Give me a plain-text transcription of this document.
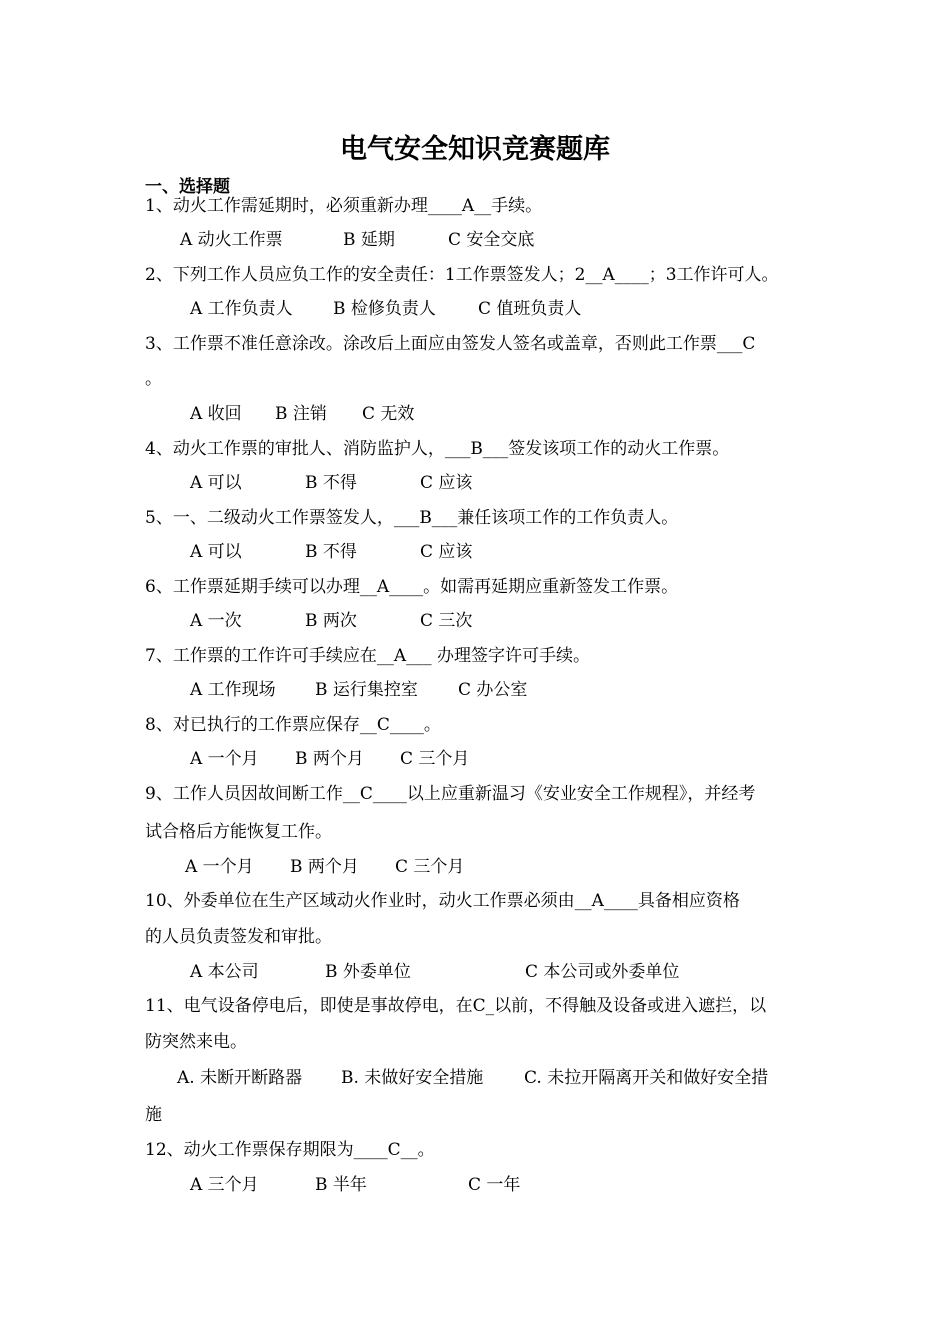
电气安全知识竞赛题库
一、选择题
1、动火工作需延期时，必须重新办理____A__手续。
A 动火工作票	B 延期	C 安全交底
2、下列工作人员应负工作的安全责任：1工作票签发人；2__A____；3工作许可人。
A 工作负责人 B 检修负责人 C 值班负责人
3、工作票不准任意涂改。涂改后上面应由签发人签名或盖章，否则此工作票___C
。
A 收回 B 注销 C 无效
4、动火工作票的审批人、消防监护人，___B___签发该项工作的动火工作票。
A 可以	B 不得	C 应该
5、一、二级动火工作票签发人，___B___兼任该项工作的工作负责人。
A 可以	B 不得	C 应该
6、工作票延期手续可以办理__A____。如需再延期应重新签发工作票。
A 一次	B 两次	C 三次
7、工作票的工作许可手续应在__A___ 办理签字许可手续。
A 工作现场 B 运行集控室 C 办公室
8、对已执行的工作票应保存__C____。
A 一个月 B 两个月 C 三个月
9、工作人员因故间断工作__C____以上应重新温习《安业安全工作规程》，并经考
试合格后方能恢复工作。
A 一个月 B 两个月 C 三个月
10、外委单位在生产区域动火作业时，动火工作票必须由__A____具备相应资格
的人员负责签发和审批。
A 本公司	B 外委单位	C 本公司或外委单位
11、电气设备停电后，即使是事故停电，在C_以前，不得触及设备或进入遮拦，以
防突然来电。
A. 未断开断路器 B. 未做好安全措施 C. 未拉开隔离开关和做好安全措
施
12、动火工作票保存期限为____C__。
A 三个月	B 半年	C 一年
